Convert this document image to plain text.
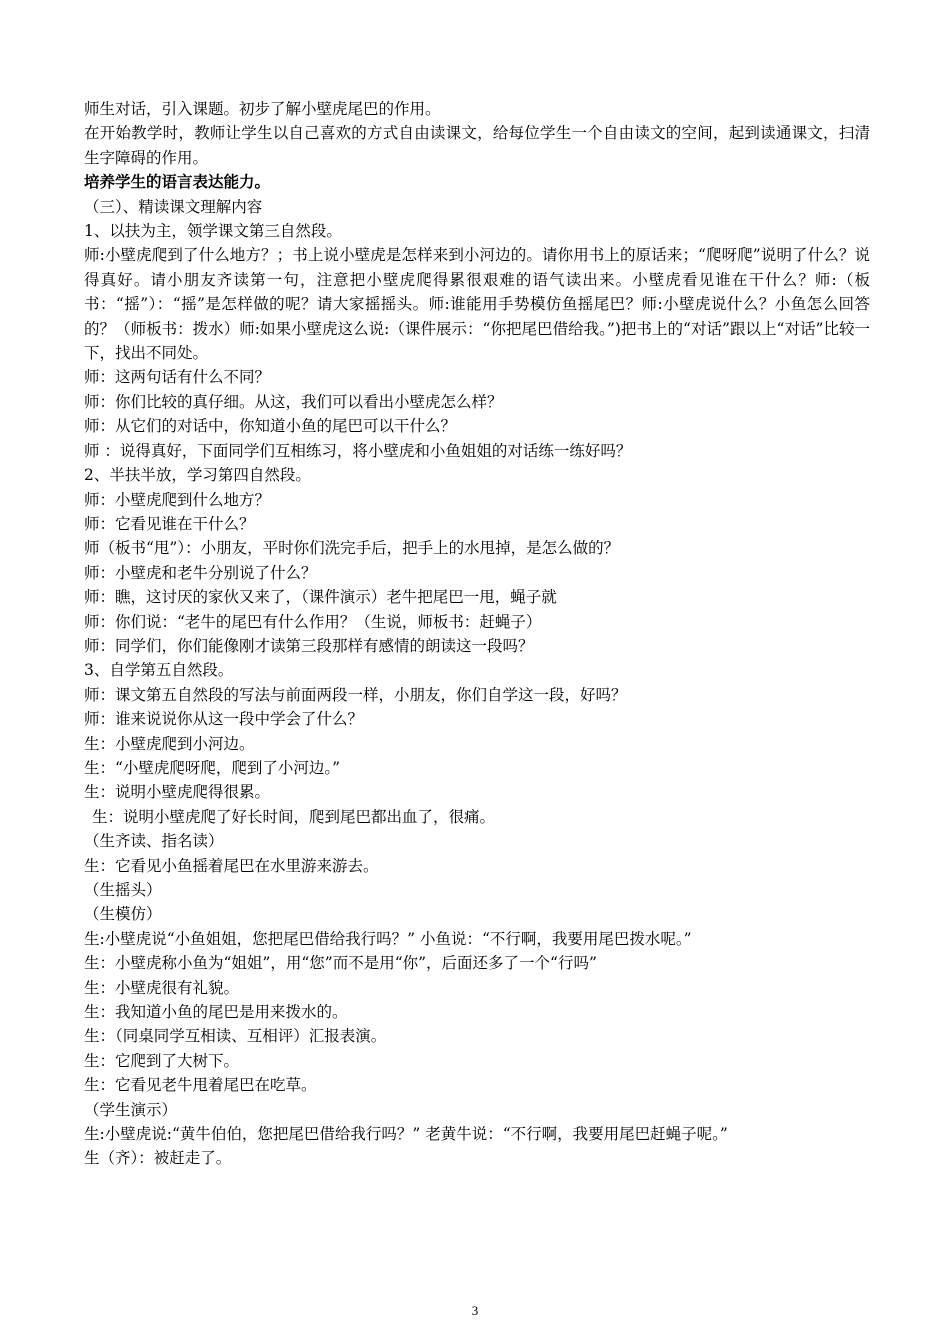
师生对话，引入课题。初步了解小壁虎尾巴的作用。
在开始教学时，教师让学生以自己喜欢的方式自由读课文，给每位学生一个自由读文的空间，起到读通课文，扫清生字障碍的作用。
培养学生的语言表达能力。
（三）、精读课文理解内容
1、以扶为主，领学课文第三自然段。
师:小壁虎爬到了什么地方？；书上说小壁虎是怎样来到小河边的。请你用书上的原话来；“爬呀爬”说明了什么？说得真好。请小朋友齐读第一句，注意把小壁虎爬得累很艰难的语气读出来。小壁虎看见谁在干什么？师:（板书：“摇”）：“摇”是怎样做的呢？请大家摇摇头。师:谁能用手势模仿鱼摇尾巴？师:小壁虎说什么？小鱼怎么回答的？（师板书：拨水）师:如果小壁虎这么说:（课件展示：“你把尾巴借给我。”)把书上的“对话”跟以上“对话”比较一下，找出不同处。
师：这两句话有什么不同？
师：你们比较的真仔细。从这，我们可以看出小壁虎怎么样？
师：从它们的对话中，你知道小鱼的尾巴可以干什么？
师 ：说得真好，下面同学们互相练习，将小壁虎和小鱼姐姐的对话练一练好吗？
2、半扶半放，学习第四自然段。
师：小壁虎爬到什么地方？
师：它看见谁在干什么？
师（板书“甩”）：小朋友，平时你们洗完手后，把手上的水甩掉，是怎么做的？
师：小壁虎和老牛分别说了什么？
师：瞧，这讨厌的家伙又来了，（课件演示）老牛把尾巴一甩，蝇子就
师：你们说：“老牛的尾巴有什么作用？（生说，师板书：赶蝇子）
师：同学们，你们能像刚才读第三段那样有感情的朗读这一段吗？
3、自学第五自然段。
师：课文第五自然段的写法与前面两段一样，小朋友，你们自学这一段，好吗？
师：谁来说说你从这一段中学会了什么？
生：小壁虎爬到小河边。
生：“小壁虎爬呀爬，爬到了小河边。”
生：说明小壁虎爬得很累。
生：说明小壁虎爬了好长时间，爬到尾巴都出血了，很痛。
（生齐读、指名读）
生：它看见小鱼摇着尾巴在水里游来游去。
（生摇头）
（生模仿）
生:小壁虎说“小鱼姐姐，您把尾巴借给我行吗？” 小鱼说：“不行啊，我要用尾巴拨水呢。”
生：小壁虎称小鱼为“姐姐”，用“您”而不是用“你”，后面还多了一个“行吗”
生：小壁虎很有礼貌。
生：我知道小鱼的尾巴是用来拨水的。
生：（同桌同学互相读、互相评）汇报表演。
生：它爬到了大树下。
生：它看见老牛甩着尾巴在吃草。
（学生演示）
生:小壁虎说:“黄牛伯伯，您把尾巴借给我行吗？” 老黄牛说：“不行啊，我要用尾巴赶蝇子呢。”
生（齐）：被赶走了。
3
